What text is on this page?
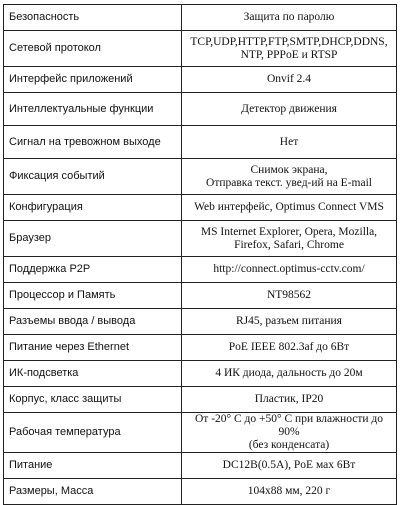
Безопасность	Защита по паролю

Сетевой протокол	TCP,UDP,HTTP,FTP,SMTP,DHCP,DDNS,
NTP, PPPoE и RTSP

Интерфейс приложений	Onvif 2.4

Интеллектуальные функции	Детектор движения

Сигнал на тревожном выходе	Нет

Фиксация событий	Снимок экрана,
Отправка текст. увед-ий на E-mail

Конфигурация	Web интерфейс, Optimus Connect VMS

Браузер	MS Internet Explorer, Opera, Mozilla,
Firefox, Safari, Chrome

Поддержка P2P	http://connect.optimus-cctv.com/

Процессор и Память	NT98562

Разъемы ввода / вывода	RJ45, разъем питания

Питание через Ethernet	PoE IEEE 802.3af до 6Вт

ИК-подсветка	4 ИК диода, дальность до 20м

Корпус, класс защиты	Пластик, IP20

Рабочая температура	От -20° С до +50° С при влажности до 90%
(без конденсата)

Питание	DC12B(0.5A), PoE мах 6Вт

Размеры, Масса	104x88 мм, 220 г
